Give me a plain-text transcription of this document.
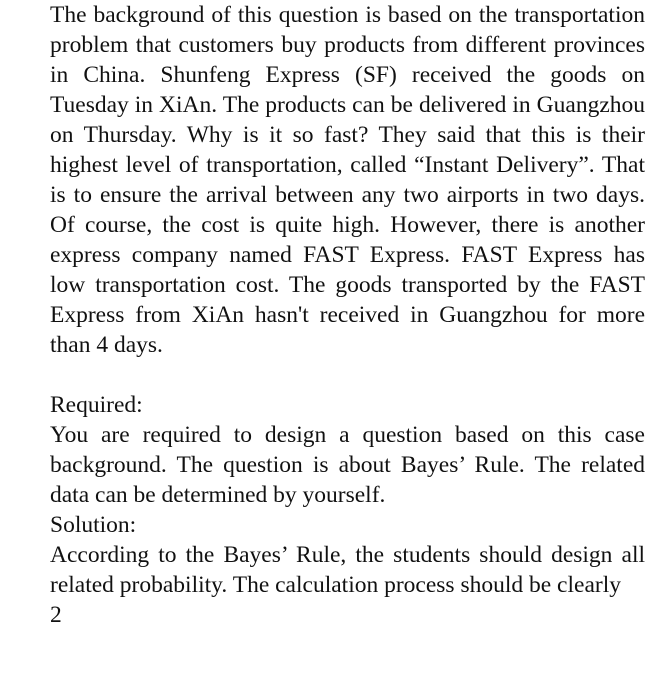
The background of this question is based on the transportation problem that customers buy products from different provinces in China. Shunfeng Express (SF) received the goods on Tuesday in XiAn. The products can be delivered in Guangzhou on Thursday. Why is it so fast? They said that this is their highest level of transportation, called “Instant Delivery”. That is to ensure the arrival between any two airports in two days. Of course, the cost is quite high. However, there is another express company named FAST Express. FAST Express has low transportation cost. The goods transported by the FAST Express from XiAn hasn't received in Guangzhou for more than 4 days.

Required:

You are required to design a question based on this case background. The question is about Bayes’ Rule. The related data can be determined by yourself.

Solution:

According to the Bayes’ Rule, the students should design all related probability. The calculation process should be clearly

2
